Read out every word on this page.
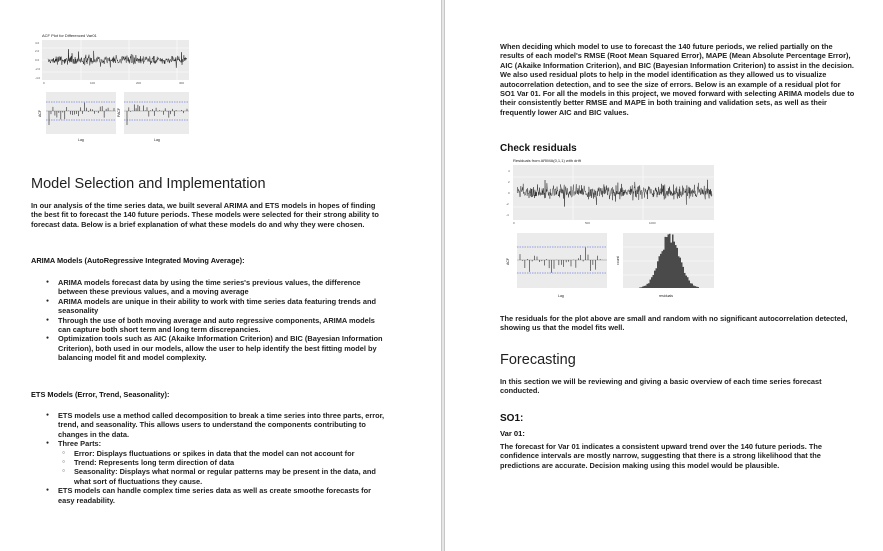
ACF Plot for Differenced Var01
4.0
2.0
0.0
-2.0
-4.0
0	100	200	300
ACF
Lag
PACF
Lag
Model Selection and Implementation

In our analysis of the time series data, we built several ARIMA and ETS models in hopes of finding the best fit to forecast the 140 future periods. These models were selected for their strong ability to forecast data. Below is a brief explanation of what these models do and why they were chosen.

ARIMA Models (AutoRegressive Integrated Moving Average):
● ARIMA models forecast data by using the time series's previous values, the difference between these previous values, and a moving average
● ARIMA models are unique in their ability to work with time series data featuring trends and seasonality
● Through the use of both moving average and auto regressive components, ARIMA models can capture both short term and long term discrepancies.
● Optimization tools such as AIC (Akaike Information Criterion) and BIC (Bayesian Information Criterion), both used in our models, allow the user to help identify the best fitting model by balancing model fit and model complexity.
ETS Models (Error, Trend, Seasonality):
● ETS models use a method called decomposition to break a time series into three parts, error, trend, and seasonality. This allows users to understand the components contributing to changes in the data.
● Three Parts:
○ Error: Displays fluctuations or spikes in data that the model can not account for
○ Trend: Represents long term direction of data
○ Seasonality: Displays what normal or regular patterns may be present in the data, and what sort of fluctuations they cause.
● ETS models can handle complex time series data as well as create smoothe forecasts for easy readability.

When deciding which model to use to forecast the 140 future periods, we relied partially on the results of each model's RMSE (Root Mean Squared Error), MAPE (Mean Absolute Percentage Error), AIC (Akaike Information Criterion), and BIC (Bayesian Information Criterion) to assist in the decision. We also used residual plots to help in the model identification as they allowed us to visualize autocorrelation detection, and to see the size of errors. Below is an example of a residual plot for SO1 Var 01. For all the models in this project, we moved forward with selecting ARIMA models due to their consistently better RMSE and MAPE in both training and validation sets, as well as their frequently lower AIC and BIC values.

Check residuals
Residuals from ARIMA(0,1,1) with drift
4
2
0
-2
-4
0	500	1000
ACF
Lag
count
residuals

The residuals for the plot above are small and random with no significant autocorrelation detected, showing us that the model fits well.

Forecasting

In this section we will be reviewing and giving a basic overview of each time series forecast conducted.

SO1:
Var 01:

The forecast for Var 01 indicates a consistent upward trend over the 140 future periods. The confidence intervals are mostly narrow, suggesting that there is a strong likelihood that the predictions are accurate. Decision making using this model would be plausible.
